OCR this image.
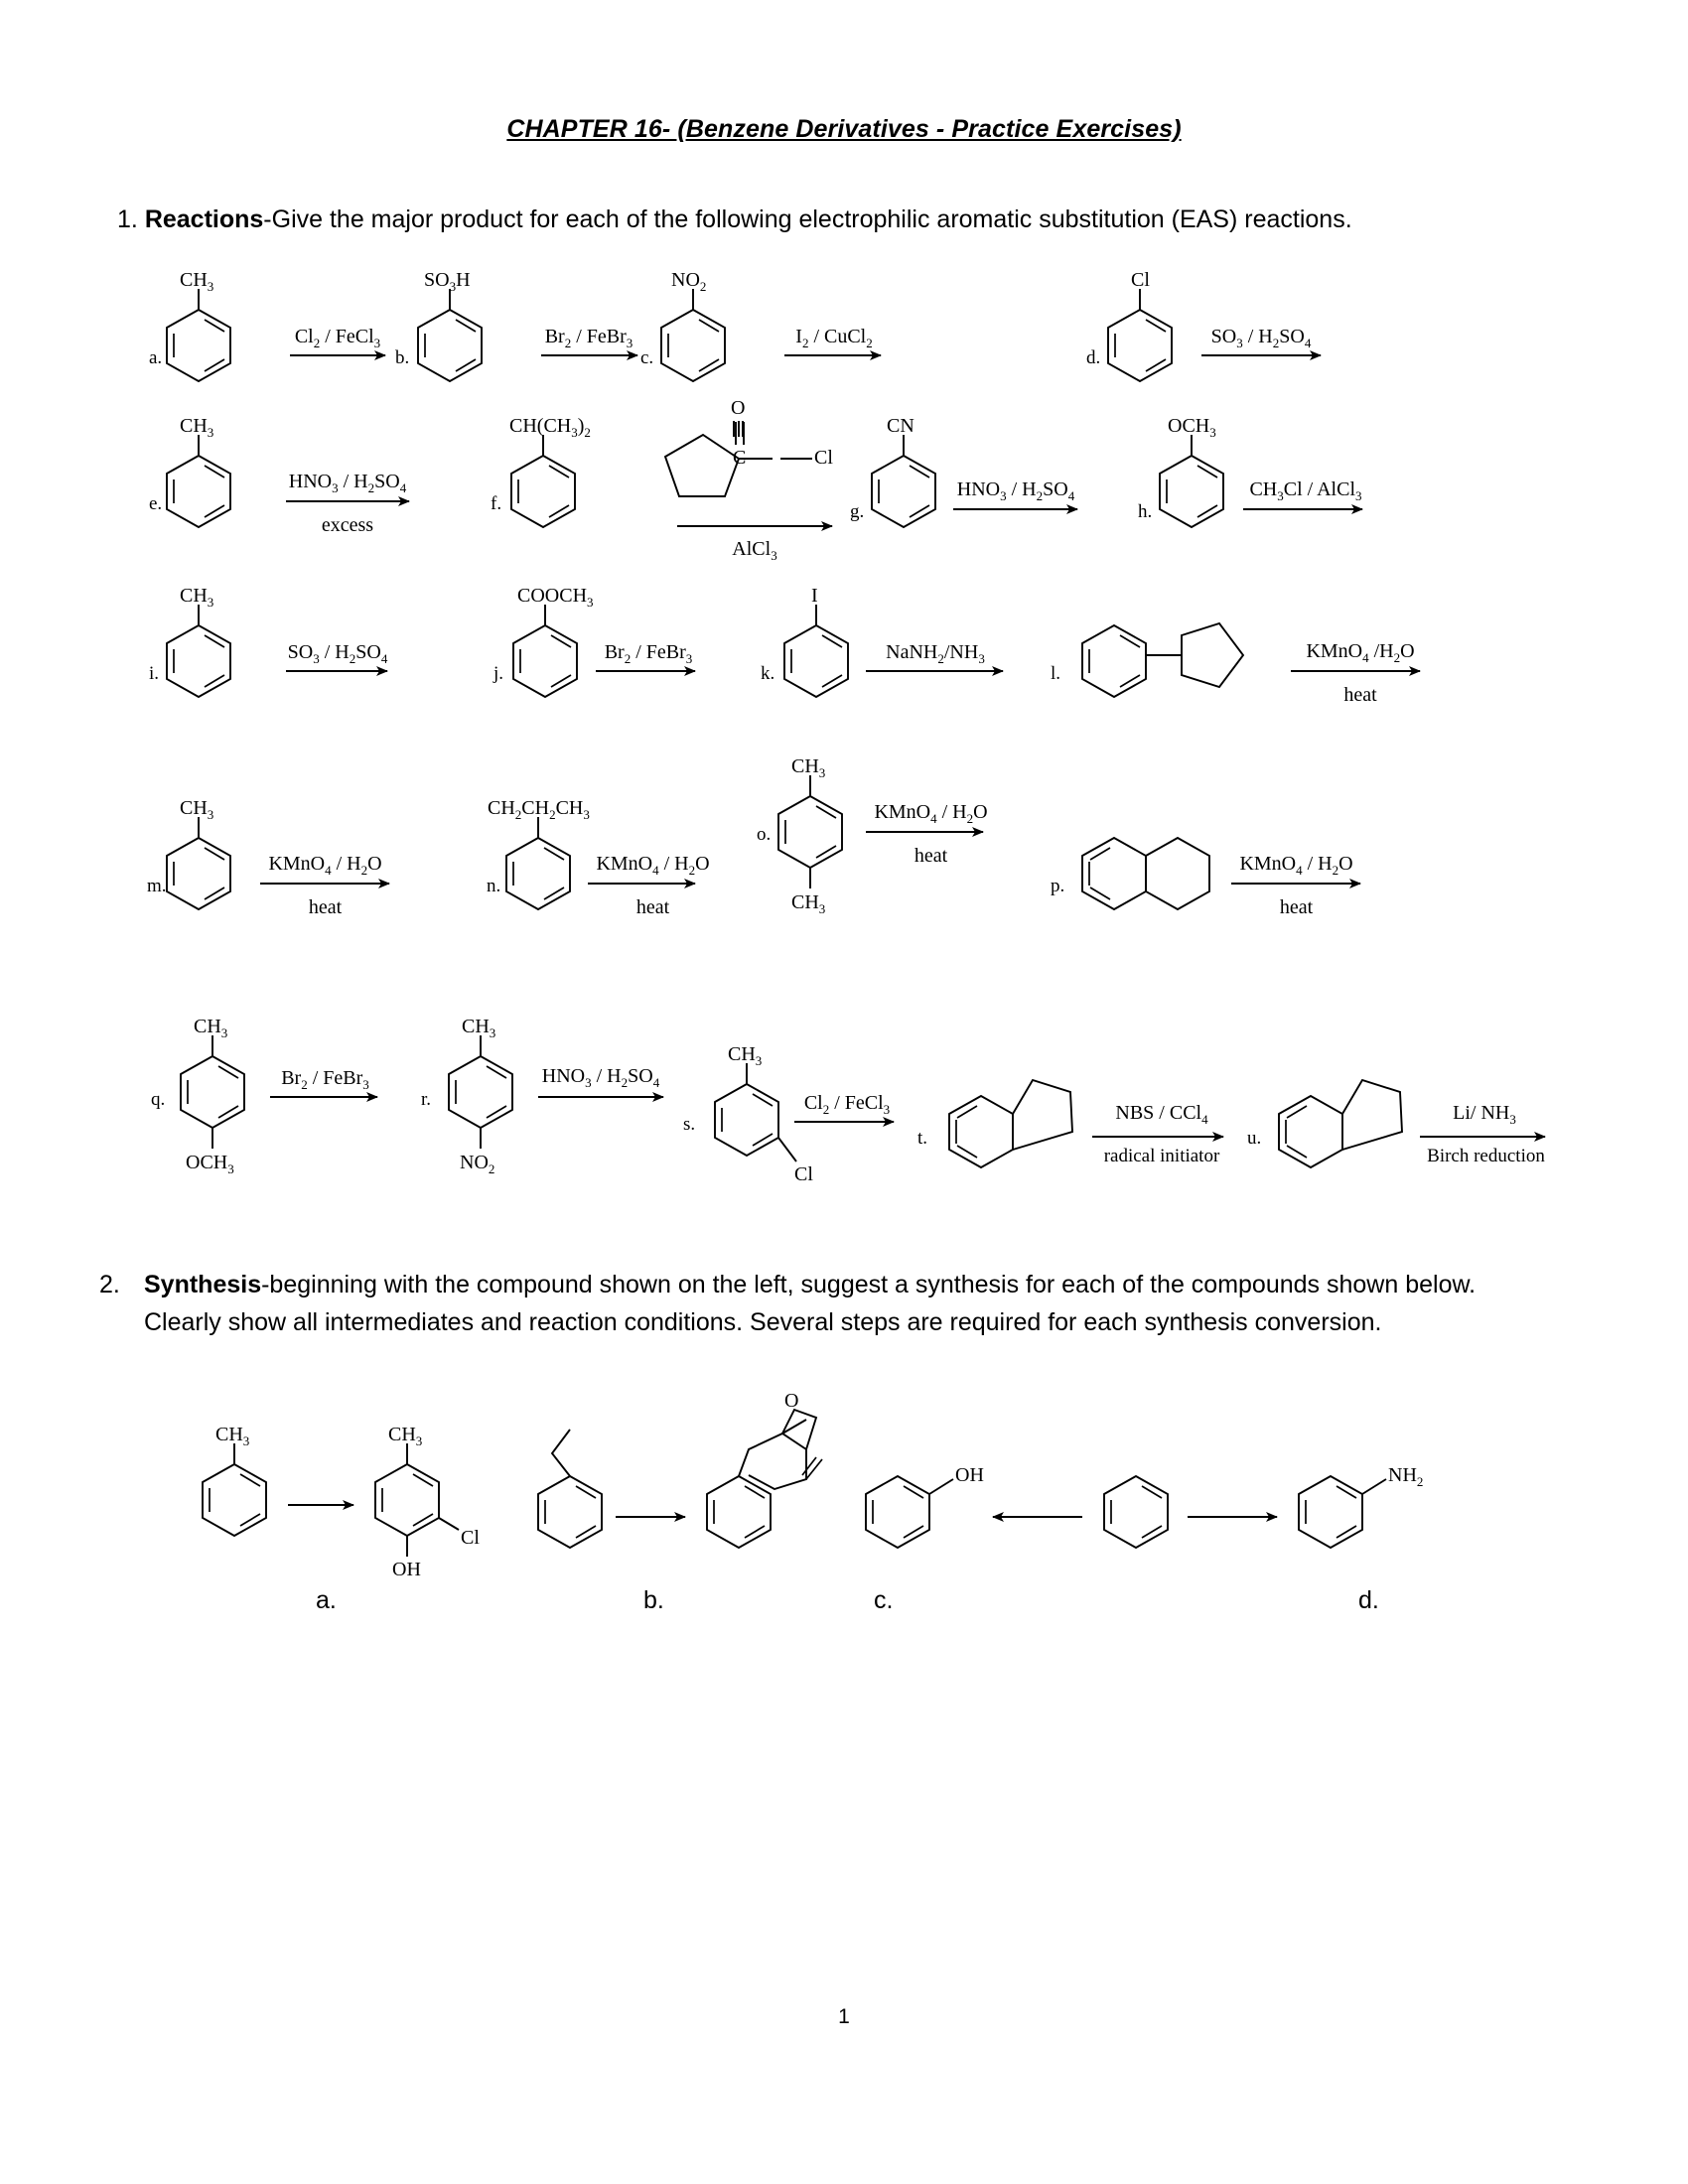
CHAPTER 16- (Benzene Derivatives - Practice Exercises)
1. Reactions-Give the major product for each of the following electrophilic aromatic substitution (EAS) reactions.
a.
$CH_3$
$Cl_2$ / FeCl$_3$
b.
$SO_3H$
$Br_2$ / FeBr$_3$
c.
$NO_2$
$I_2$ / CuCl$_2$
d.
Cl
$SO_3 / H_2SO_4$
e.
$CH_3$
$HNO_3 / H_2SO_4$
excess
f.
$CH(CH_3)_2$
O
C	Cl
AlCl$_3$
g.
CN
$HNO_3 / H_2SO_4$
h.
$OCH_3$
$CH_3Cl$ / AlCl$_3$
i.
$CH_3$
$SO_3 / H_2SO_4$
j.
$COOCH_3$
$Br_2$ / FeBr$_3$
k.
I
$NaNH_2/NH_3$
l.
KMnO$_4$ $/H_2O$
heat
m.
$CH_3$
KMnO$_4$ / $H_2O$
heat
n.
$CH_2CH_2CH_3$
KMnO$_4$ / $H_2O$
heat
o.
$CH_3$
$CH_3$
KMnO$_4$ / $H_2O$
heat
p.
KMnO$_4$ / $H_2O$
heat
q.
$CH_3$
$OCH_3$
$Br_2$ / FeBr$_3$
r.
$CH_3$
$NO_2$
$HNO_3 / H_2SO_4$
s.
$CH_3$
Cl
$Cl_2$ / FeCl$_3$
t.
NBS / CCl$_4$
radical initiator
u.
Li/ $NH_3$
Birch reduction
2. Synthesis-beginning with the compound shown on the left, suggest a synthesis for each of the compounds shown below. Clearly show all intermediates and reaction conditions. Several steps are required for each synthesis conversion.
$CH_3$	$CH_3$
Cl
OH
O
OH	$NH_2$
a.	b.	c.	d.
1
